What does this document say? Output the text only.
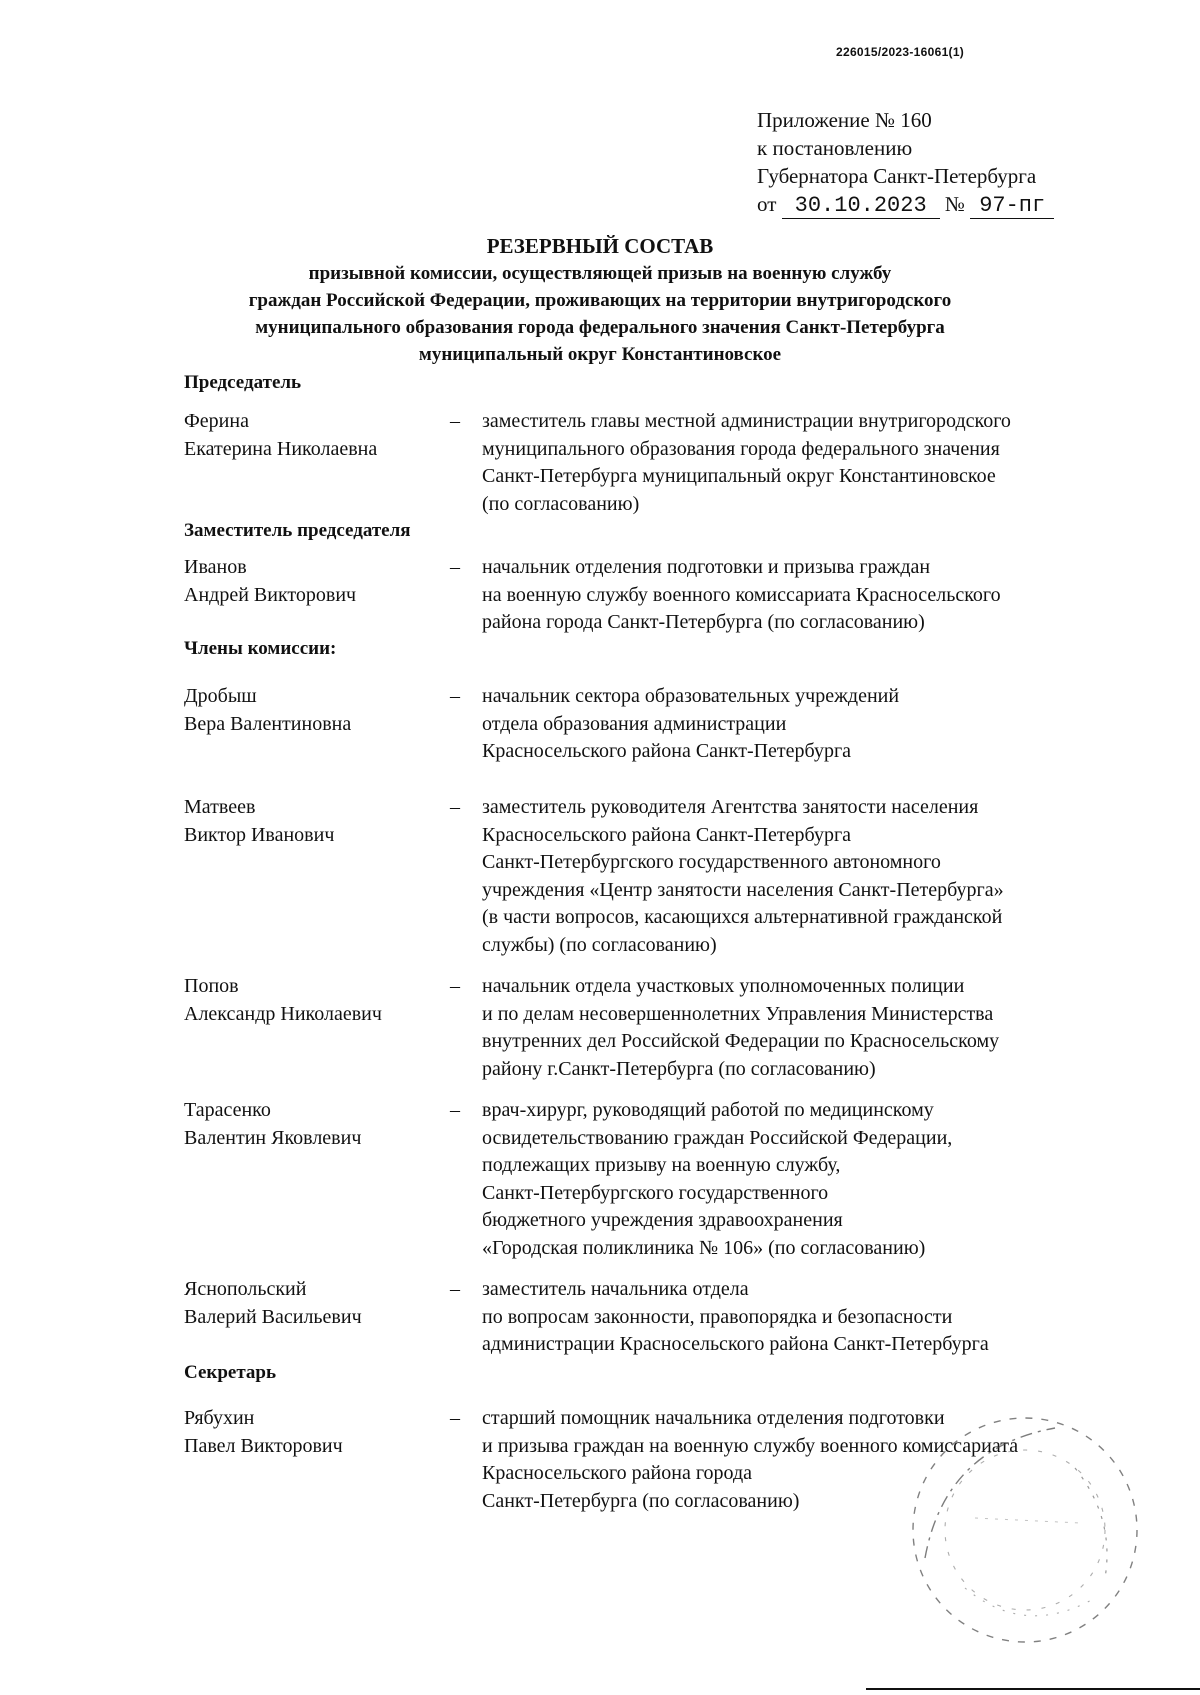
226015/2023-16061(1)
Приложение № 160
к постановлению
Губернатора Санкт-Петербурга
от 30.10.2023 № 97-пг
РЕЗЕРВНЫЙ СОСТАВ
призывной комиссии, осуществляющей призыв на военную службу
граждан Российской Федерации, проживающих на территории внутригородского
муниципального образования города федерального значения Санкт-Петербурга
муниципальный округ Константиновское
Председатель
Заместитель председателя
Члены комиссии:
Секретарь
Ферина
Екатерина Николаевна
– заместитель главы местной администрации внутригородского
муниципального образования города федерального значения
Санкт-Петербурга муниципальный округ Константиновское
(по согласованию)
Иванов
Андрей Викторович
– начальник отделения подготовки и призыва граждан
на военную службу военного комиссариата Красносельского
района города Санкт-Петербурга (по согласованию)
Дробыш
Вера Валентиновна
– начальник сектора образовательных учреждений
отдела образования администрации
Красносельского района Санкт-Петербурга
Матвеев
Виктор Иванович
– заместитель руководителя Агентства занятости населения
Красносельского района Санкт-Петербурга
Санкт-Петербургского государственного автономного
учреждения «Центр занятости населения Санкт-Петербурга»
(в части вопросов, касающихся альтернативной гражданской
службы) (по согласованию)
Попов
Александр Николаевич
– начальник отдела участковых уполномоченных полиции
и по делам несовершеннолетних Управления Министерства
внутренних дел Российской Федерации по Красносельскому
району г.Санкт-Петербурга (по согласованию)
Тарасенко
Валентин Яковлевич
– врач-хирург, руководящий работой по медицинскому
освидетельствованию граждан Российской Федерации,
подлежащих призыву на военную службу,
Санкт-Петербургского государственного
бюджетного учреждения здравоохранения
«Городская поликлиника № 106» (по согласованию)
Яснопольский
Валерий Васильевич
– заместитель начальника отдела
по вопросам законности, правопорядка и безопасности
администрации Красносельского района Санкт-Петербурга
Рябухин
Павел Викторович
– старший помощник начальника отделения подготовки
и призыва граждан на военную службу военного комиссариата
Красносельского района города
Санкт-Петербурга (по согласованию)
